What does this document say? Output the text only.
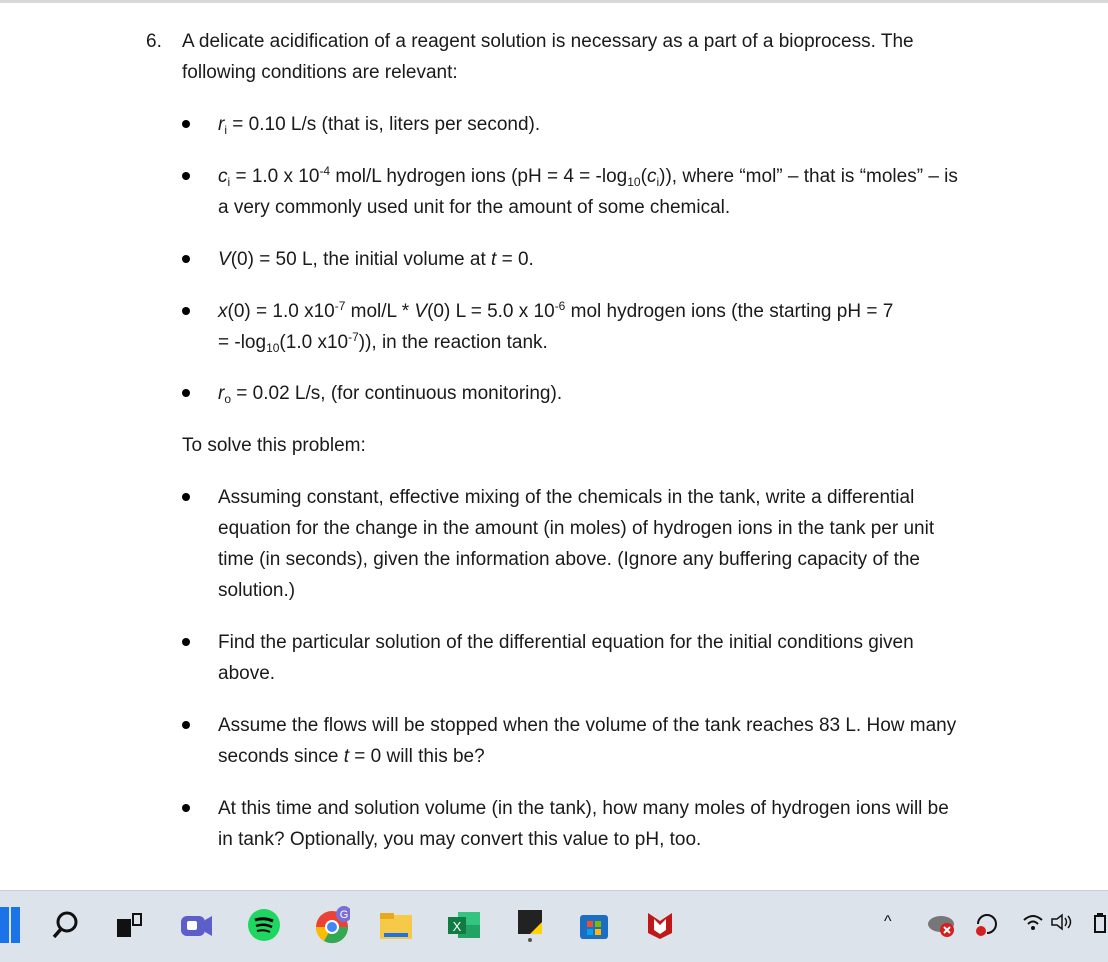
6. A delicate acidification of a reagent solution is necessary as a part of a bioprocess. The
following conditions are relevant:
$r_i = 0.10$ L/s (that is, liters per second).
$c_i = 1.0$ x $10^{-4}$ mol/L hydrogen ions $(pH = 4 = -\log_{10}(c_i))$, where “mol” – that is “moles” – is
a very commonly used unit for the amount of some chemical.
V(0) = 50 L, the initial volume at t = 0.
x(0) = 1.0 $x10^{-7}$ mol/L * V(0) L = 5.0 x $10^{-6}$ mol hydrogen ions (the starting pH = 7
= $-\log_{10}(1.0$ $x10^{-7}$)), in the reaction tank.
$r_o = 0.02$ L/s, (for continuous monitoring).
To solve this problem:
Assuming constant, effective mixing of the chemicals in the tank, write a differential
equation for the change in the amount (in moles) of hydrogen ions in the tank per unit
time (in seconds), given the information above. (Ignore any buffering capacity of the
solution.)
Find the particular solution of the differential equation for the initial conditions given
above.
Assume the flows will be stopped when the volume of the tank reaches 83 L. How many
seconds since t = 0 will this be?
At this time and solution volume (in the tank), how many moles of hydrogen ions will be
in tank? Optionally, you may convert this value to pH, too.
G
X	^
